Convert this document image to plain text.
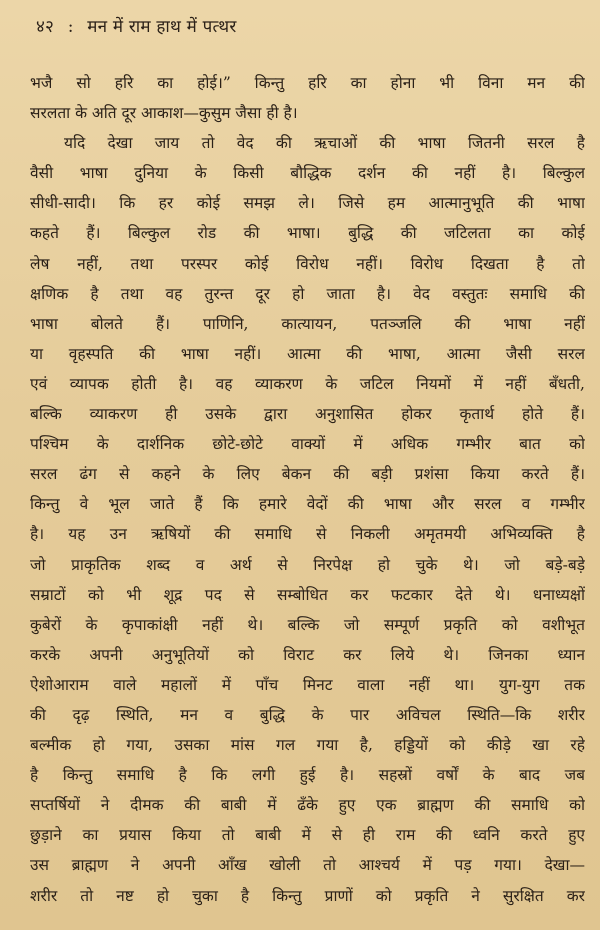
४२ : मन में राम हाथ में पत्थर
भजै सो हरि का होई।” किन्तु हरि का होना भी विना मन की
सरलता के अति दूर आकाश—कुसुम जैसा ही है।
यदि देखा जाय तो वेद की ऋचाओं की भाषा जितनी सरल है
वैसी भाषा दुनिया के किसी बौद्धिक दर्शन की नहीं है। बिल्कुल
सीधी-सादी। कि हर कोई समझ ले। जिसे हम आत्मानुभूति की भाषा
कहते हैं। बिल्कुल रोड की भाषा। बुद्धि की जटिलता का कोई
लेष नहीं, तथा परस्पर कोई विरोध नहीं। विरोध दिखता है तो
क्षणिक है तथा वह तुरन्त दूर हो जाता है। वेद वस्तुतः समाधि की
भाषा बोलते हैं। पाणिनि, कात्यायन, पतञ्जलि की भाषा नहीं
या वृहस्पति की भाषा नहीं। आत्मा की भाषा, आत्मा जैसी सरल
एवं व्यापक होती है। वह व्याकरण के जटिल नियमों में नहीं बँधती,
बल्कि व्याकरण ही उसके द्वारा अनुशासित होकर कृतार्थ होते हैं।
पश्चिम के दार्शनिक छोटे-छोटे वाक्यों में अधिक गम्भीर बात को
सरल ढंग से कहने के लिए बेकन की बड़ी प्रशंसा किया करते हैं।
किन्तु वे भूल जाते हैं कि हमारे वेदों की भाषा और सरल व गम्भीर
है। यह उन ऋषियों की समाधि से निकली अमृतमयी अभिव्यक्ति है
जो प्राकृतिक शब्द व अर्थ से निरपेक्ष हो चुके थे। जो बड़े-बड़े
सम्राटों को भी शूद्र पद से सम्बोधित कर फटकार देते थे। धनाध्यक्षों
कुबेरों के कृपाकांक्षी नहीं थे। बल्कि जो सम्पूर्ण प्रकृति को वशीभूत
करके अपनी अनुभूतियों को विराट कर लिये थे। जिनका ध्यान
ऐशोआराम वाले महालों में पाँच मिनट वाला नहीं था। युग-युग तक
की दृढ़ स्थिति, मन व बुद्धि के पार अविचल स्थिति—कि शरीर
बल्मीक हो गया, उसका मांस गल गया है, हड्डियों को कीड़े खा रहे
है किन्तु समाधि है कि लगी हुई है। सहस्रों वर्षों के बाद जब
सप्तर्षियों ने दीमक की बाबी में ढँके हुए एक ब्राह्मण की समाधि को
छुड़ाने का प्रयास किया तो बाबी में से ही राम की ध्वनि करते हुए
उस ब्राह्मण ने अपनी आँख खोली तो आश्चर्य में पड़ गया। देखा—
शरीर तो नष्ट हो चुका है किन्तु प्राणों को प्रकृति ने सुरक्षित कर
